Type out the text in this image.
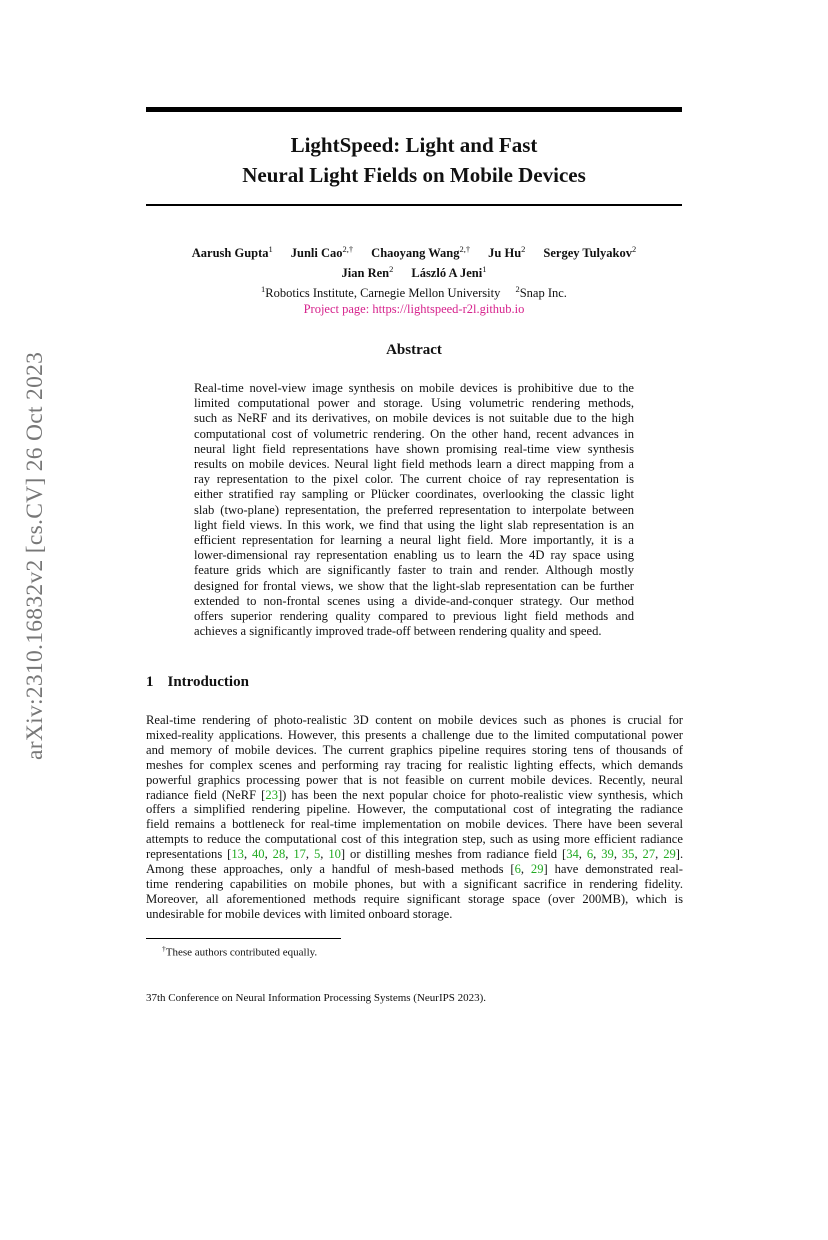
arXiv:2310.16832v2 [cs.CV] 26 Oct 2023
LightSpeed: Light and Fast
Neural Light Fields on Mobile Devices
Aarush Gupta$^1$ Junli Cao$^{2,\dagger}$ Chaoyang Wang$^{2,\dagger}$ Ju Hu$^2$ Sergey Tulyakov$^2$
Jian Ren$^2$ László A Jeni$^1$
$^1$Robotics Institute, Carnegie Mellon University $^2$Snap Inc.
Project page: https://lightspeed-r2l.github.io
Abstract
Real-time novel-view image synthesis on mobile devices is prohibitive due to the
limited computational power and storage. Using volumetric rendering methods,
such as NeRF and its derivatives, on mobile devices is not suitable due to the high
computational cost of volumetric rendering. On the other hand, recent advances in
neural light field representations have shown promising real-time view synthesis
results on mobile devices. Neural light field methods learn a direct mapping from a
ray representation to the pixel color. The current choice of ray representation is
either stratified ray sampling or Plücker coordinates, overlooking the classic light
slab (two-plane) representation, the preferred representation to interpolate between
light field views. In this work, we find that using the light slab representation is an
efficient representation for learning a neural light field. More importantly, it is a
lower-dimensional ray representation enabling us to learn the 4D ray space using
feature grids which are significantly faster to train and render. Although mostly
designed for frontal views, we show that the light-slab representation can be further
extended to non-frontal scenes using a divide-and-conquer strategy. Our method
offers superior rendering quality compared to previous light field methods and
achieves a significantly improved trade-off between rendering quality and speed.
1 Introduction
Real-time rendering of photo-realistic 3D content on mobile devices such as phones is crucial for
mixed-reality applications. However, this presents a challenge due to the limited computational power
and memory of mobile devices. The current graphics pipeline requires storing tens of thousands of
meshes for complex scenes and performing ray tracing for realistic lighting effects, which demands
powerful graphics processing power that is not feasible on current mobile devices. Recently, neural
radiance field (NeRF [23]) has been the next popular choice for photo-realistic view synthesis, which
offers a simplified rendering pipeline. However, the computational cost of integrating the radiance
field remains a bottleneck for real-time implementation on mobile devices. There have been several
attempts to reduce the computational cost of this integration step, such as using more efficient radiance
representations [13, 40, 28, 17, 5, 10] or distilling meshes from radiance field [34, 6, 39, 35, 27, 29].
Among these approaches, only a handful of mesh-based methods [6, 29] have demonstrated real-
time rendering capabilities on mobile phones, but with a significant sacrifice in rendering fidelity.
Moreover, all aforementioned methods require significant storage space (over 200MB), which is
undesirable for mobile devices with limited onboard storage.
†These authors contributed equally.
37th Conference on Neural Information Processing Systems (NeurIPS 2023).
